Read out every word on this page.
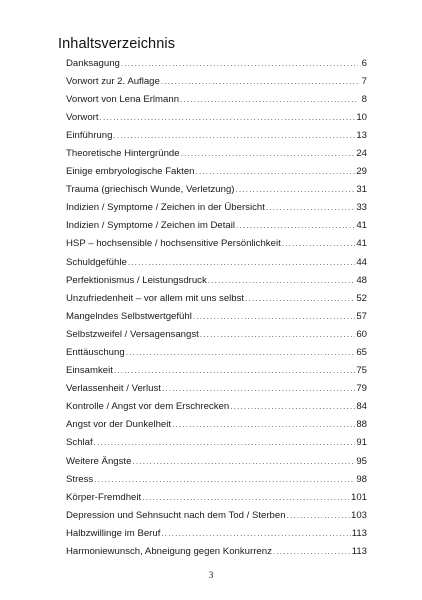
Inhaltsverzeichnis
Danksagung .....	6
Vorwort zur 2. Auflage .....	7
Vorwort von Lena Erlmann .....	8
Vorwort .....	10
Einführung .....	13
Theoretische Hintergründe .....	24
Einige embryologische Fakten .....	29
Trauma (griechisch Wunde, Verletzung) .....	31
Indizien / Symptome / Zeichen in der Übersicht .....	33
Indizien / Symptome / Zeichen im Detail .....	41
HSP – hochsensible / hochsensitive Persönlichkeit .....	41
Schuldgefühle .....	44
Perfektionismus / Leistungsdruck .....	48
Unzufriedenheit – vor allem mit uns selbst .....	52
Mangelndes Selbstwertgefühl .....	57
Selbstzweifel / Versagensangst .....	60
Enttäuschung .....	65
Einsamkeit .....	75
Verlassenheit / Verlust .....	79
Kontrolle / Angst vor dem Erschrecken .....	84
Angst vor der Dunkelheit .....	88
Schlaf .....	91
Weitere Ängste .....	95
Stress .....	98
Körper-Fremdheit .....	101
Depression und Sehnsucht nach dem Tod / Sterben .....	103
Halbzwillinge im Beruf .....	113
Harmoniewunsch, Abneigung gegen Konkurrenz .....	113
3
